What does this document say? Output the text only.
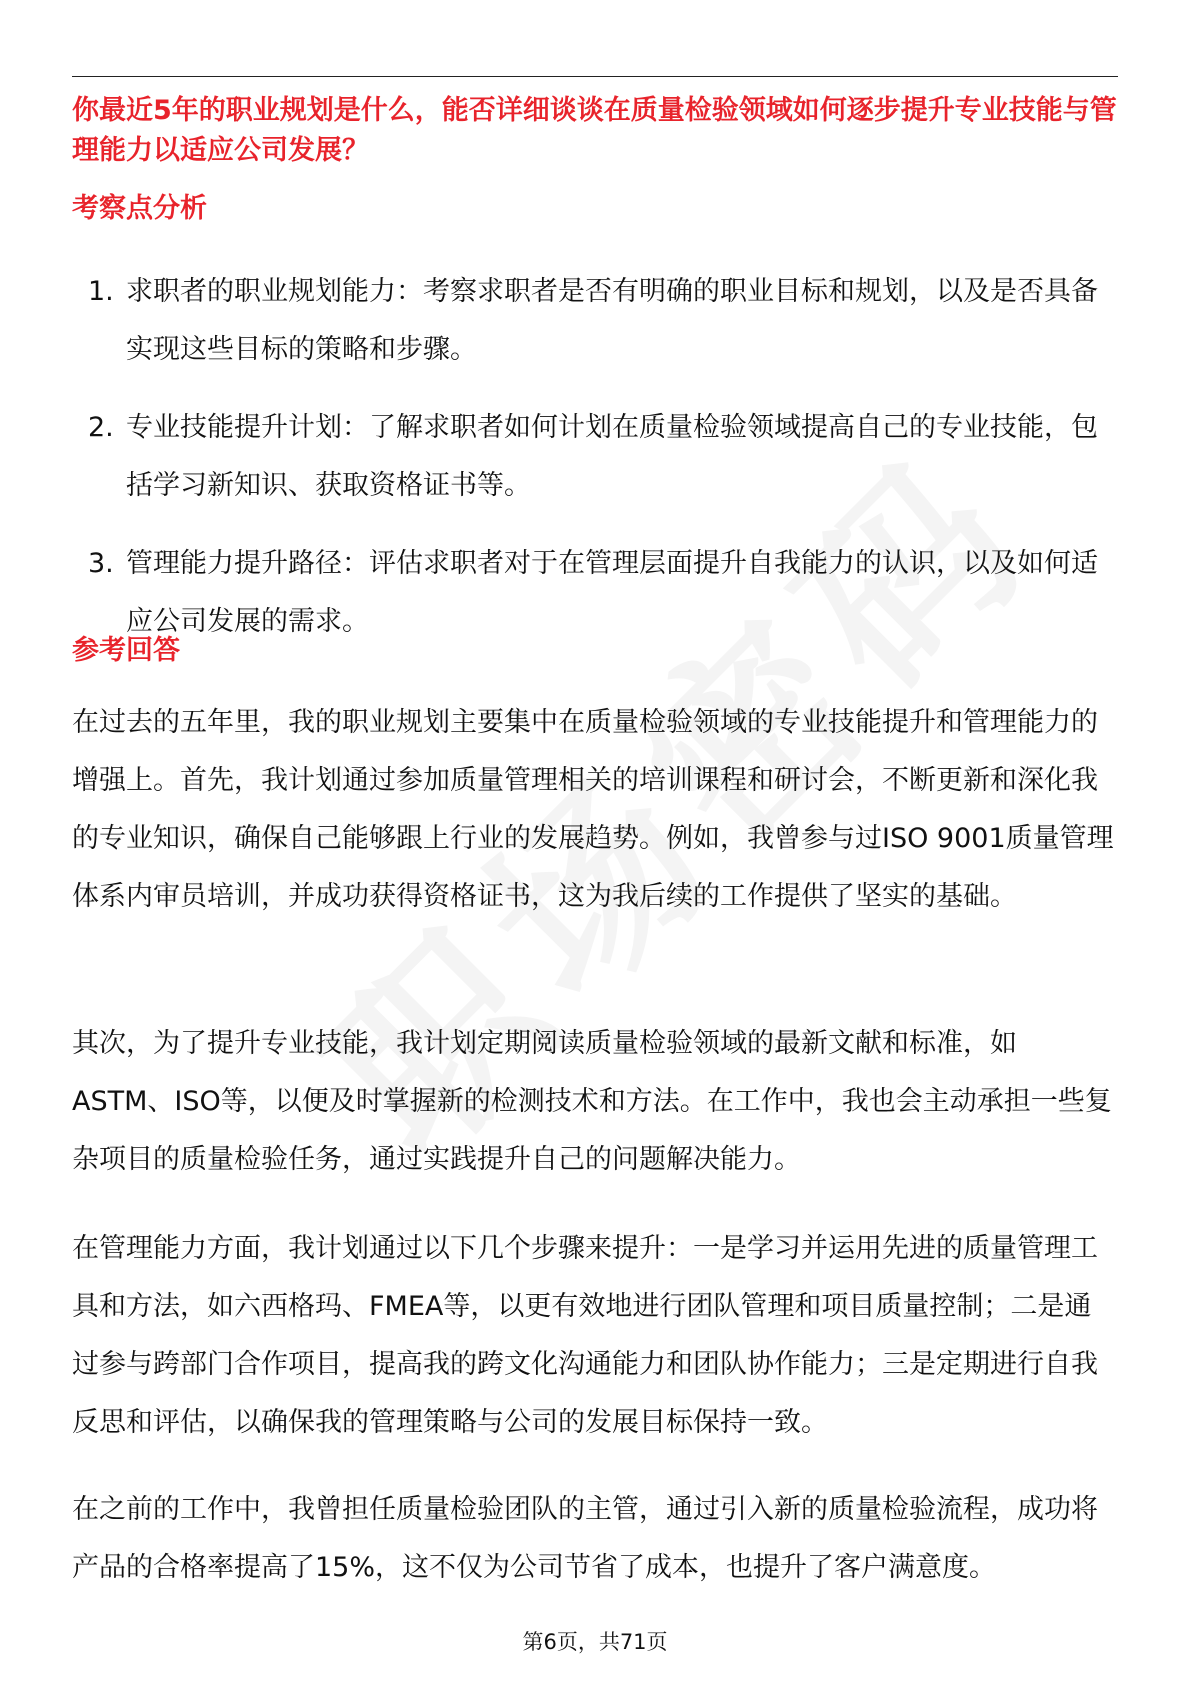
你最近5年的职业规划是什么，能否详细谈谈在质量检验领域如何逐步提升专业技能与管理能力以适应公司发展？
考察点分析
1. 求职者的职业规划能力：考察求职者是否有明确的职业目标和规划，以及是否具备实现这些目标的策略和步骤。
2. 专业技能提升计划：了解求职者如何计划在质量检验领域提高自己的专业技能，包括学习新知识、获取资格证书等。
3. 管理能力提升路径：评估求职者对于在管理层面提升自我能力的认识，以及如何适应公司发展的需求。
参考回答

在过去的五年里，我的职业规划主要集中在质量检验领域的专业技能提升和管理能力的增强上。首先，我计划通过参加质量管理相关的培训课程和研讨会，不断更新和深化我的专业知识，确保自己能够跟上行业的发展趋势。例如，我曾参与过ISO 9001质量管理体系内审员培训，并成功获得资格证书，这为我后续的工作提供了坚实的基础。

其次，为了提升专业技能，我计划定期阅读质量检验领域的最新文献和标准，如ASTM、ISO等，以便及时掌握新的检测技术和方法。在工作中，我也会主动承担一些复杂项目的质量检验任务，通过实践提升自己的问题解决能力。

在管理能力方面，我计划通过以下几个步骤来提升：一是学习并运用先进的质量管理工具和方法，如六西格玛、FMEA等，以更有效地进行团队管理和项目质量控制；二是通过参与跨部门合作项目，提高我的跨文化沟通能力和团队协作能力；三是定期进行自我反思和评估，以确保我的管理策略与公司的发展目标保持一致。

在之前的工作中，我曾担任质量检验团队的主管，通过引入新的质量检验流程，成功将产品的合格率提高了15%，这不仅为公司节省了成本，也提升了客户满意度。

第6页，共71页
